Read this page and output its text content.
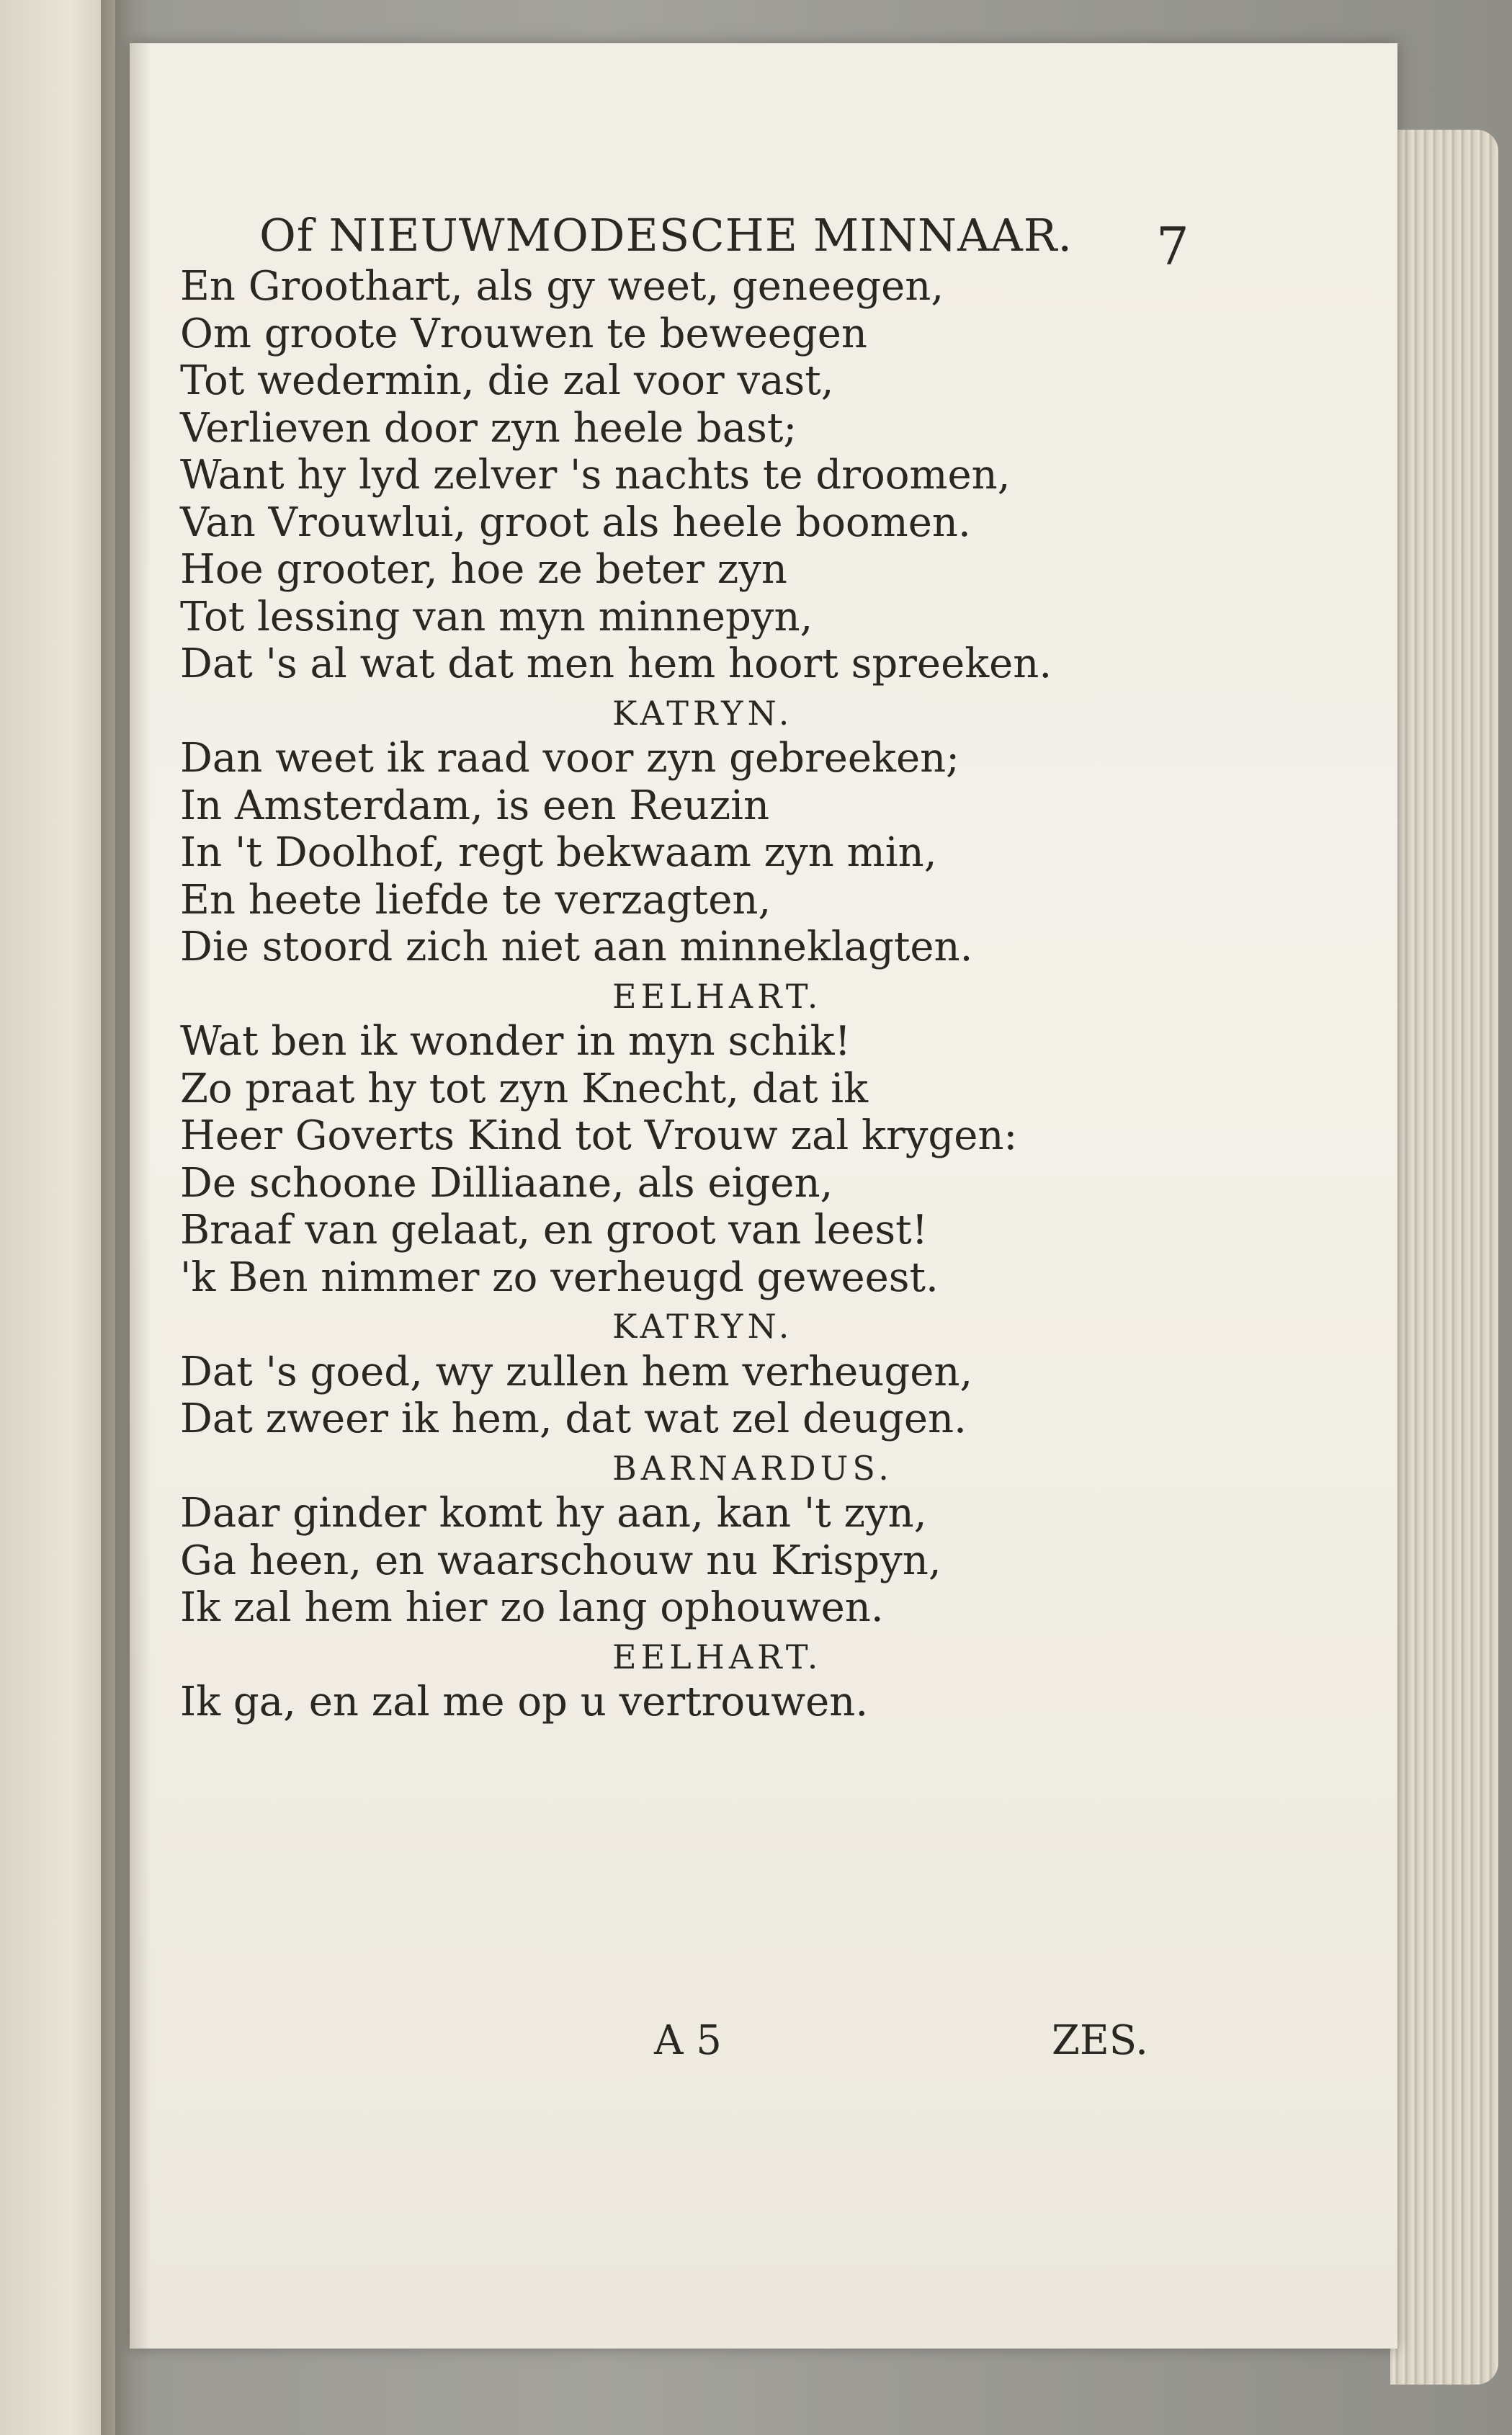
Of NIEUWMODESCHE MINNAAR. 7
En Groothart, als gy weet, geneegen,
Om groote Vrouwen te beweegen
Tot wedermin, die zal voor vast,
Verlieven door zyn heele bast;
Want hy lyd zelver 's nachts te droomen,
Van Vrouwlui, groot als heele boomen.
Hoe grooter, hoe ze beter zyn
Tot lessing van myn minnepyn,
Dat 's al wat dat men hem hoort spreeken.
KATRYN.
Dan weet ik raad voor zyn gebreeken;
In Amsterdam, is een Reuzin
In 't Doolhof, regt bekwaam zyn min,
En heete liefde te verzagten,
Die stoord zich niet aan minneklagten.
EELHART.
Wat ben ik wonder in myn schik!
Zo praat hy tot zyn Knecht, dat ik
Heer Goverts Kind tot Vrouw zal krygen:
De schoone Dilliaane, als eigen,
Braaf van gelaat, en groot van leest!
'k Ben nimmer zo verheugd geweest.
KATRYN.
Dat 's goed, wy zullen hem verheugen,
Dat zweer ik hem, dat wat zel deugen.
BARNARDUS.
Daar ginder komt hy aan, kan 't zyn,
Ga heen, en waarschouw nu Krispyn,
Ik zal hem hier zo lang ophouwen.
EELHART.
Ik ga, en zal me op u vertrouwen.
A 5	ZES.
